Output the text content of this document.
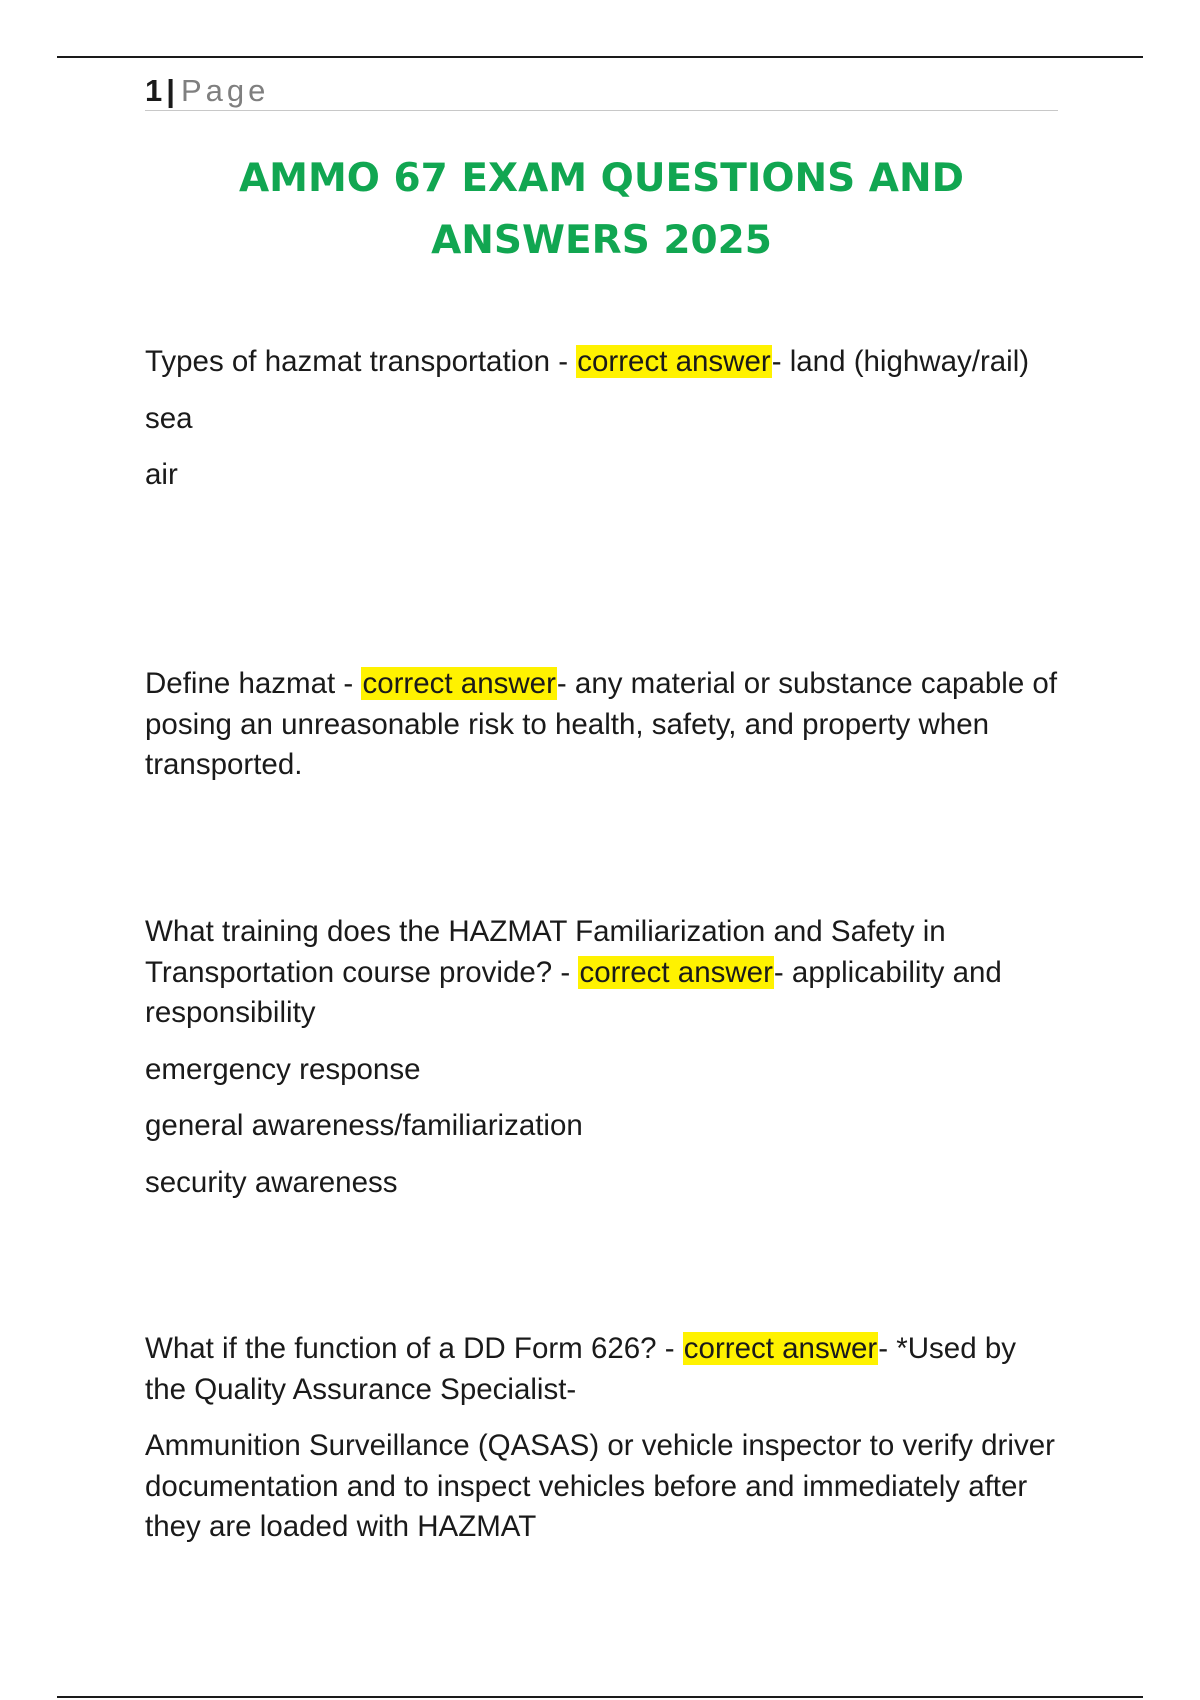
1 | Page
AMMO 67 EXAM QUESTIONS AND
ANSWERS 2025

Types of hazmat transportation - correct answer- land (highway/rail)

sea

air

Define hazmat - correct answer- any material or substance capable of posing an unreasonable risk to health, safety, and property when transported.

What training does the HAZMAT Familiarization and Safety in Transportation course provide? - correct answer- applicability and responsibility

emergency response

general awareness/familiarization

security awareness

What if the function of a DD Form 626? - correct answer- *Used by the Quality Assurance Specialist-

Ammunition Surveillance (QASAS) or vehicle inspector to verify driver documentation and to inspect vehicles before and immediately after they are loaded with HAZMAT
